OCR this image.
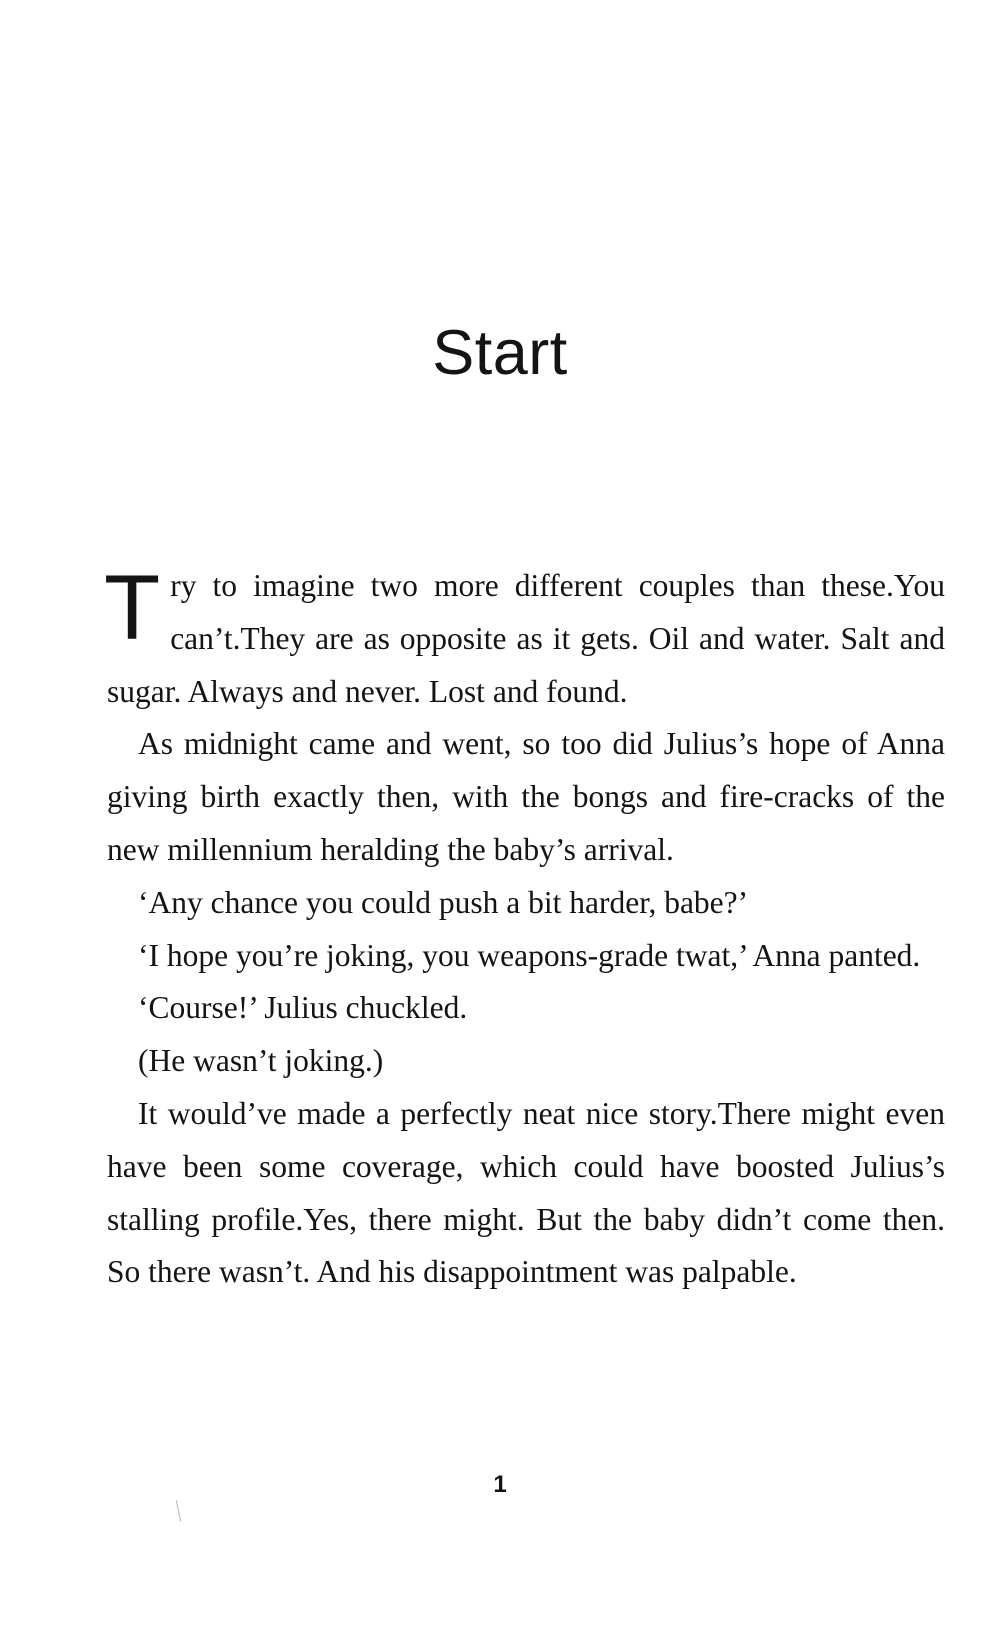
Start

Try to imagine two more different couples than these.You can’t.They are as opposite as it gets. Oil and water. Salt and sugar. Always and never. Lost and found.

As midnight came and went, so too did Julius’s hope of Anna giving birth exactly then, with the bongs and fire-cracks of the new millennium heralding the baby’s arrival.

‘Any chance you could push a bit harder, babe?’

‘I hope you’re joking, you weapons-grade twat,’ Anna panted.

‘Course!’ Julius chuckled.

(He wasn’t joking.)

It would’ve made a perfectly neat nice story.There might even have been some coverage, which could have boosted Julius’s stalling profile.Yes, there might. But the baby didn’t come then. So there wasn’t. And his disappointment was palpable.

1
